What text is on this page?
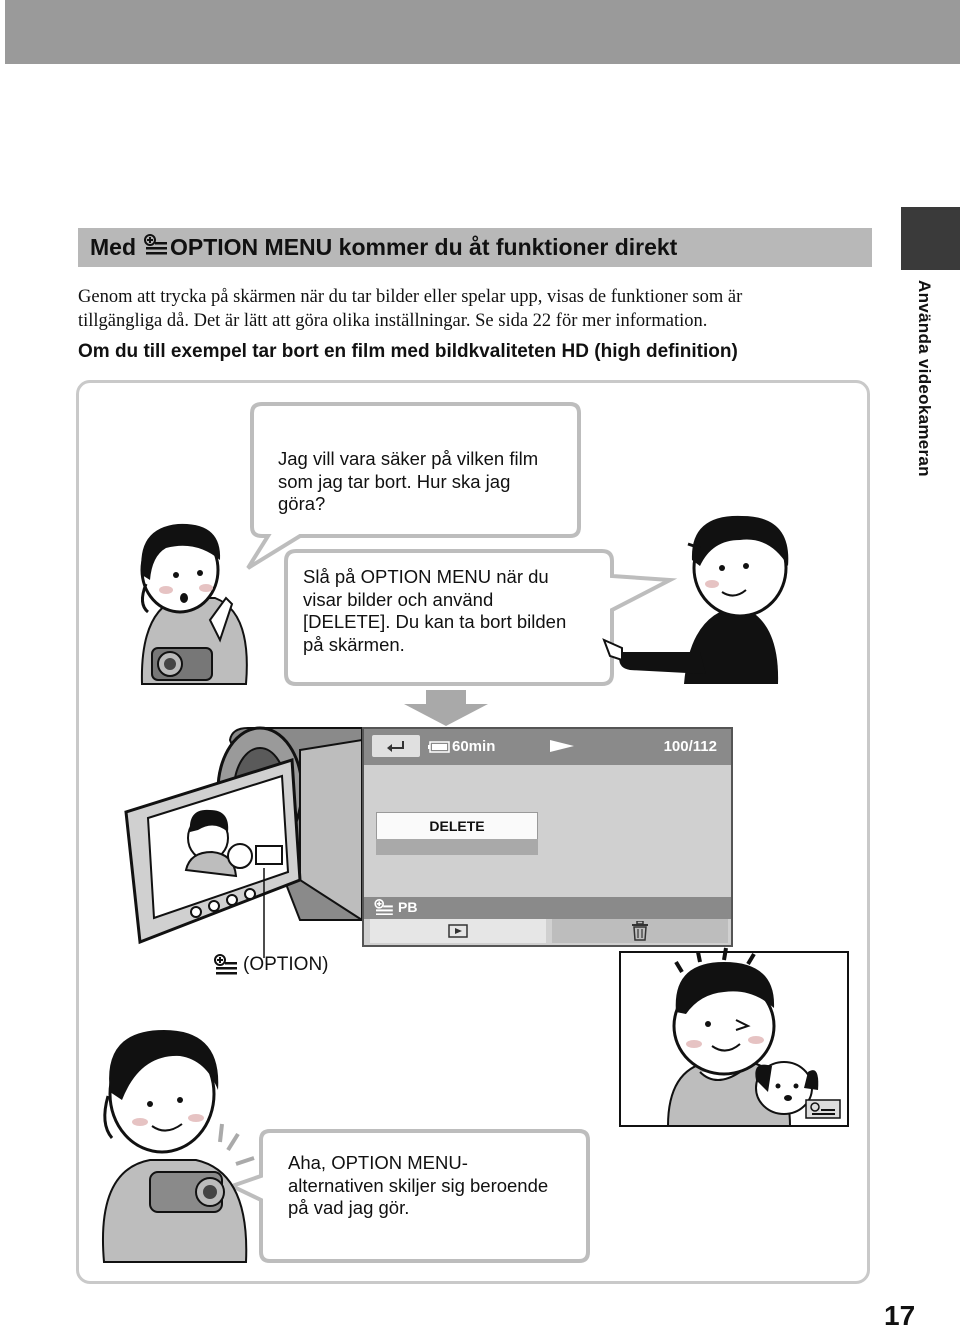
Använda videokameran
Med OPTION MENU kommer du åt funktioner direkt
Genom att trycka på skärmen när du tar bilder eller spelar upp, visas de funktioner som är
tillgängliga då. Det är lätt att göra olika inställningar. Se sida 22 för mer information.
Om du till exempel tar bort en film med bildkvaliteten HD (high definition)
Jag vill vara säker på vilken film
som jag tar bort. Hur ska jag
göra?
Slå på OPTION MENU när du
visar bilder och använd
[DELETE]. Du kan ta bort bilden
på skärmen.
Aha, OPTION MENU-
alternativen skiljer sig beroende
på vad jag gör.
60min	100/112
DELETE
PB
(OPTION)
17
